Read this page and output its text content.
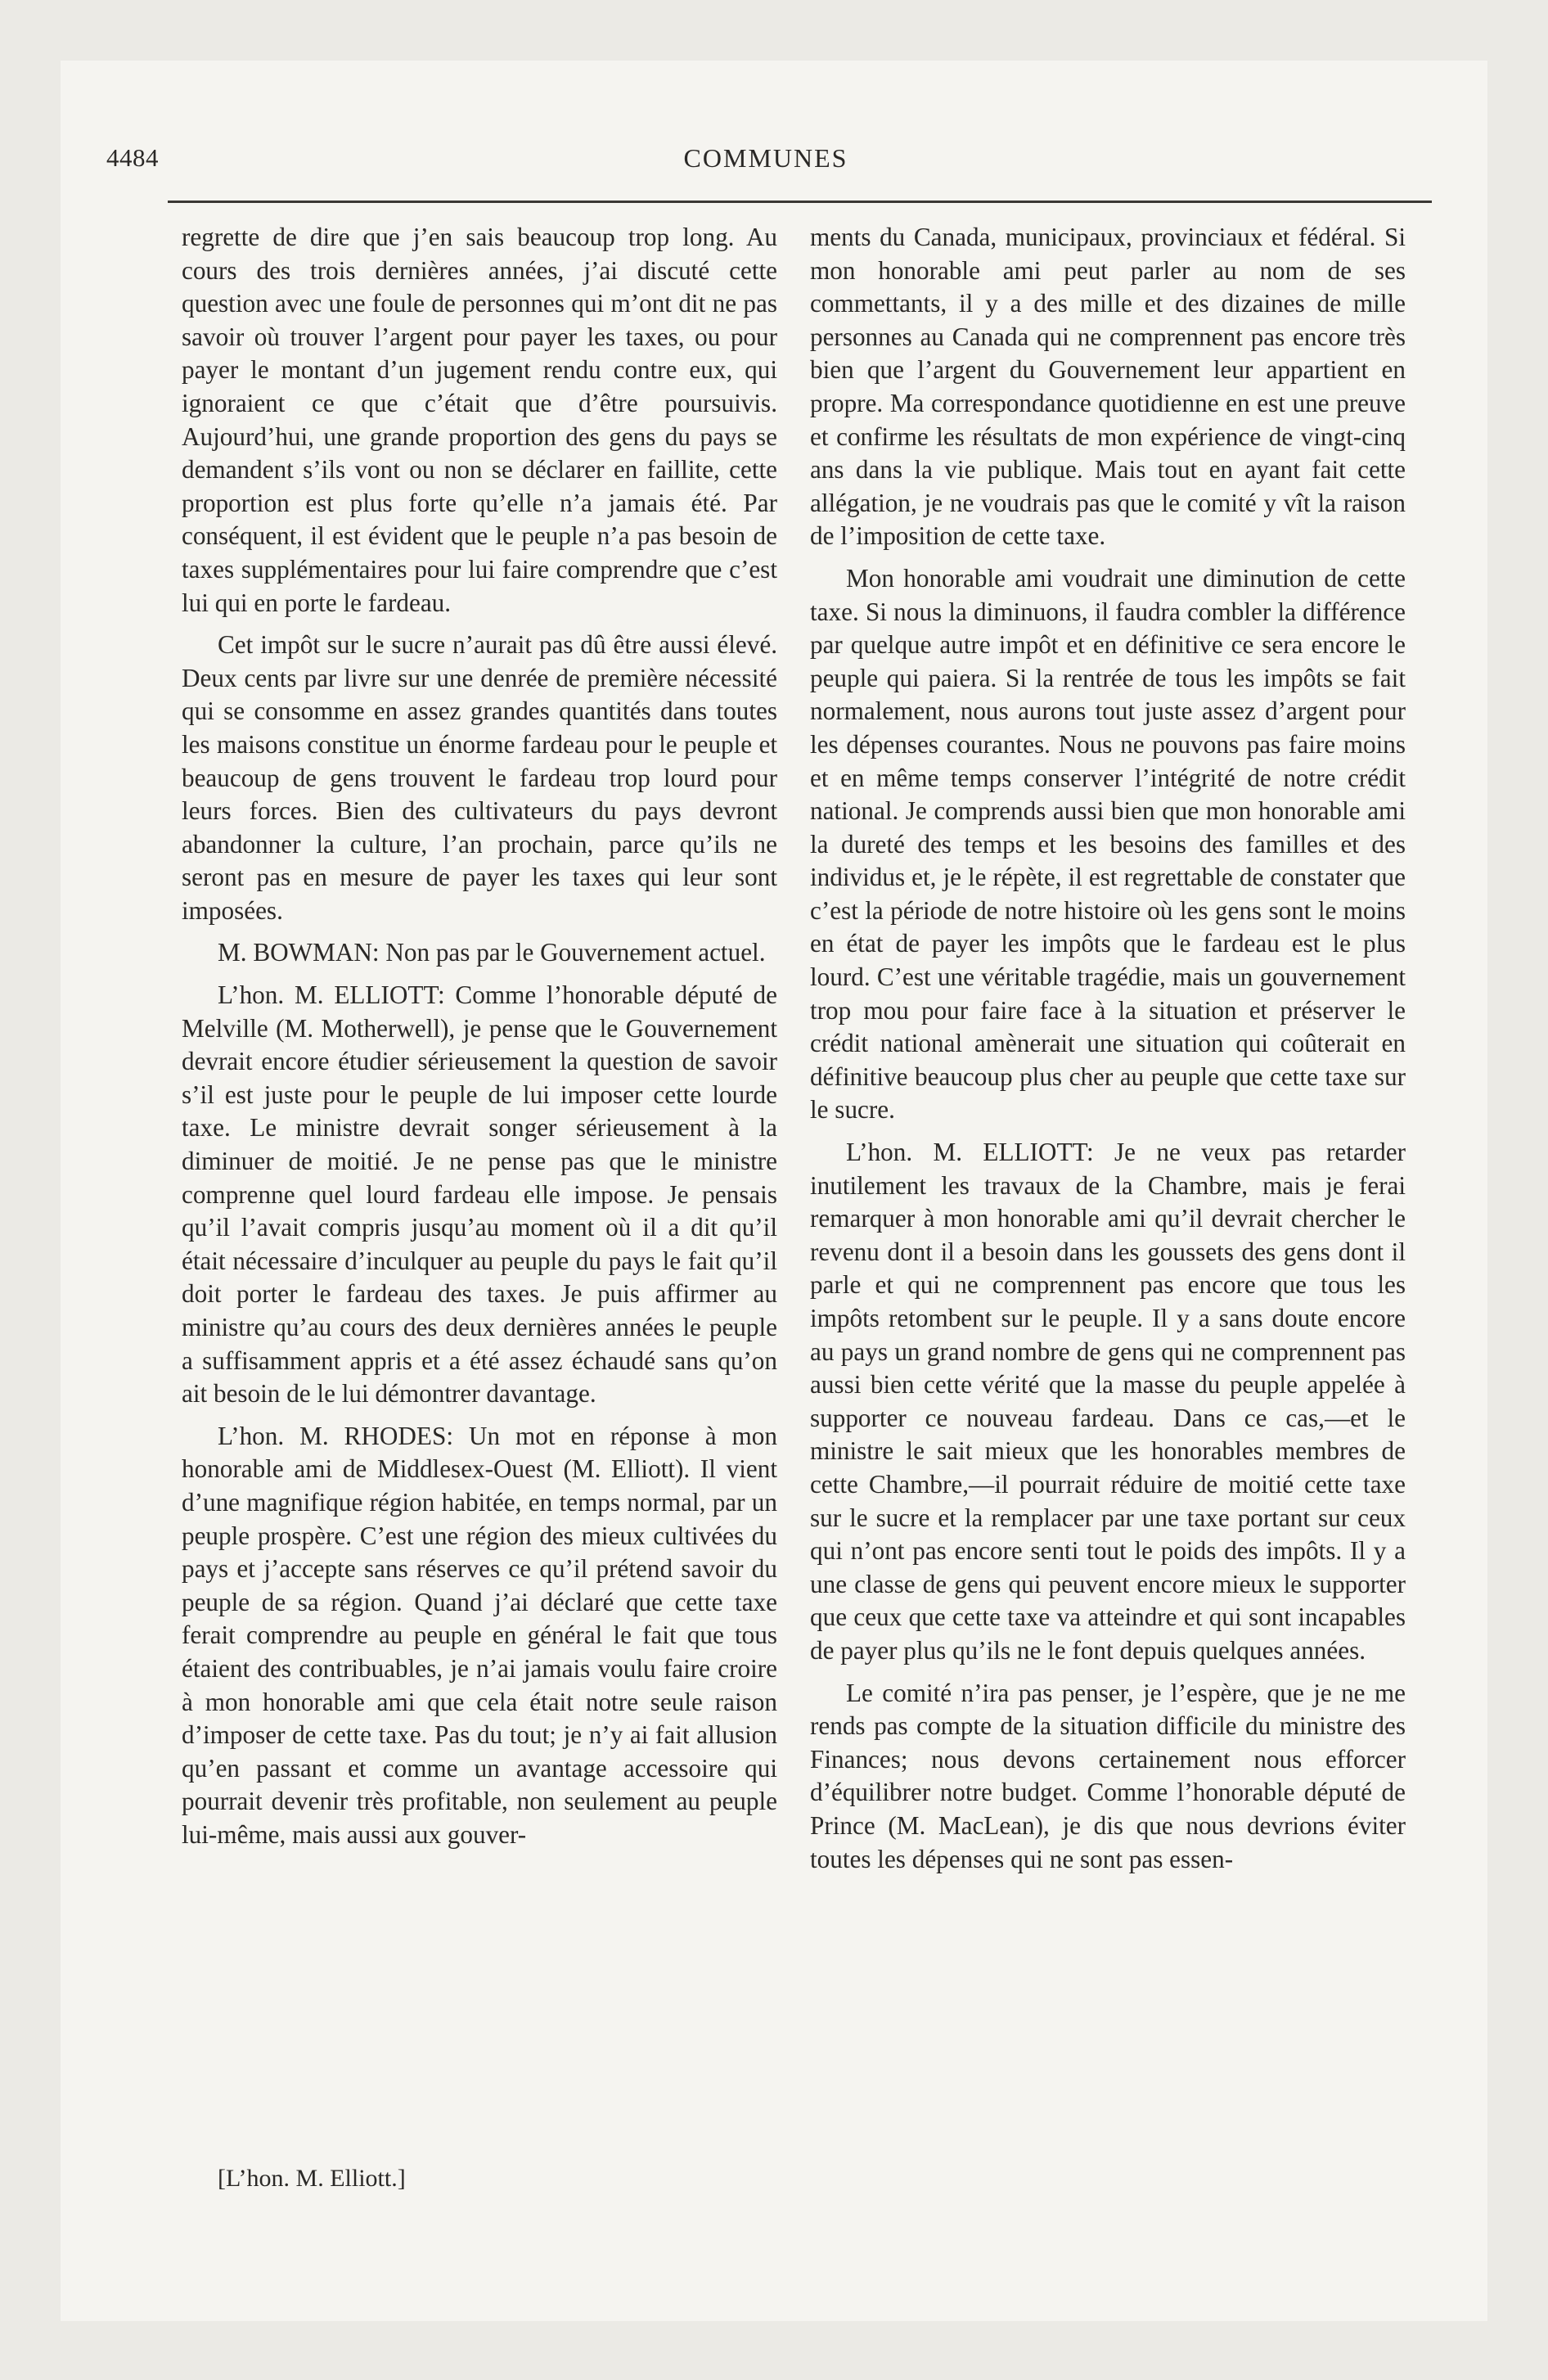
4484	COMMUNES

regrette de dire que j’en sais beaucoup trop long. Au cours des trois dernières années, j’ai discuté cette question avec une foule de personnes qui m’ont dit ne pas savoir où trouver l’argent pour payer les taxes, ou pour payer le montant d’un jugement rendu contre eux, qui ignoraient ce que c’était que d’être poursuivis. Aujourd’hui, une grande proportion des gens du pays se demandent s’ils vont ou non se déclarer en faillite, cette proportion est plus forte qu’elle n’a jamais été. Par conséquent, il est évident que le peuple n’a pas besoin de taxes supplémentaires pour lui faire comprendre que c’est lui qui en porte le fardeau.

Cet impôt sur le sucre n’aurait pas dû être aussi élevé. Deux cents par livre sur une denrée de première nécessité qui se consomme en assez grandes quantités dans toutes les maisons constitue un énorme fardeau pour le peuple et beaucoup de gens trouvent le fardeau trop lourd pour leurs forces. Bien des cultivateurs du pays devront abandonner la culture, l’an prochain, parce qu’ils ne seront pas en mesure de payer les taxes qui leur sont imposées.

M. BOWMAN: Non pas par le Gouvernement actuel.

L’hon. M. ELLIOTT: Comme l’honorable député de Melville (M. Motherwell), je pense que le Gouvernement devrait encore étudier sérieusement la question de savoir s’il est juste pour le peuple de lui imposer cette lourde taxe. Le ministre devrait songer sérieusement à la diminuer de moitié. Je ne pense pas que le ministre comprenne quel lourd fardeau elle impose. Je pensais qu’il l’avait compris jusqu’au moment où il a dit qu’il était nécessaire d’inculquer au peuple du pays le fait qu’il doit porter le fardeau des taxes. Je puis affirmer au ministre qu’au cours des deux dernières années le peuple a suffisamment appris et a été assez échaudé sans qu’on ait besoin de le lui démontrer davantage.

L’hon. M. RHODES: Un mot en réponse à mon honorable ami de Middlesex-Ouest (M. Elliott). Il vient d’une magnifique région habitée, en temps normal, par un peuple prospère. C’est une région des mieux cultivées du pays et j’accepte sans réserves ce qu’il prétend savoir du peuple de sa région. Quand j’ai déclaré que cette taxe ferait comprendre au peuple en général le fait que tous étaient des contribuables, je n’ai jamais voulu faire croire à mon honorable ami que cela était notre seule raison d’imposer de cette taxe. Pas du tout; je n’y ai fait allusion qu’en passant et comme un avantage accessoire qui pourrait devenir très profitable, non seulement au peuple lui-même, mais aussi aux gouver-

ments du Canada, municipaux, provinciaux et fédéral. Si mon honorable ami peut parler au nom de ses commettants, il y a des mille et des dizaines de mille personnes au Canada qui ne comprennent pas encore très bien que l’argent du Gouvernement leur appartient en propre. Ma correspondance quotidienne en est une preuve et confirme les résultats de mon expérience de vingt-cinq ans dans la vie publique. Mais tout en ayant fait cette allégation, je ne voudrais pas que le comité y vît la raison de l’imposition de cette taxe.

Mon honorable ami voudrait une diminution de cette taxe. Si nous la diminuons, il faudra combler la différence par quelque autre impôt et en définitive ce sera encore le peuple qui paiera. Si la rentrée de tous les impôts se fait normalement, nous aurons tout juste assez d’argent pour les dépenses courantes. Nous ne pouvons pas faire moins et en même temps conserver l’intégrité de notre crédit national. Je comprends aussi bien que mon honorable ami la dureté des temps et les besoins des familles et des individus et, je le répète, il est regrettable de constater que c’est la période de notre histoire où les gens sont le moins en état de payer les impôts que le fardeau est le plus lourd. C’est une véritable tragédie, mais un gouvernement trop mou pour faire face à la situation et préserver le crédit national amènerait une situation qui coûterait en définitive beaucoup plus cher au peuple que cette taxe sur le sucre.

L’hon. M. ELLIOTT: Je ne veux pas retarder inutilement les travaux de la Chambre, mais je ferai remarquer à mon honorable ami qu’il devrait chercher le revenu dont il a besoin dans les goussets des gens dont il parle et qui ne comprennent pas encore que tous les impôts retombent sur le peuple. Il y a sans doute encore au pays un grand nombre de gens qui ne comprennent pas aussi bien cette vérité que la masse du peuple appelée à supporter ce nouveau fardeau. Dans ce cas,—et le ministre le sait mieux que les honorables membres de cette Chambre,—il pourrait réduire de moitié cette taxe sur le sucre et la remplacer par une taxe portant sur ceux qui n’ont pas encore senti tout le poids des impôts. Il y a une classe de gens qui peuvent encore mieux le supporter que ceux que cette taxe va atteindre et qui sont incapables de payer plus qu’ils ne le font depuis quelques années.

Le comité n’ira pas penser, je l’espère, que je ne me rends pas compte de la situation difficile du ministre des Finances; nous devons certainement nous efforcer d’équilibrer notre budget. Comme l’honorable député de Prince (M. MacLean), je dis que nous devrions éviter toutes les dépenses qui ne sont pas essen-

[L’hon. M. Elliott.]
